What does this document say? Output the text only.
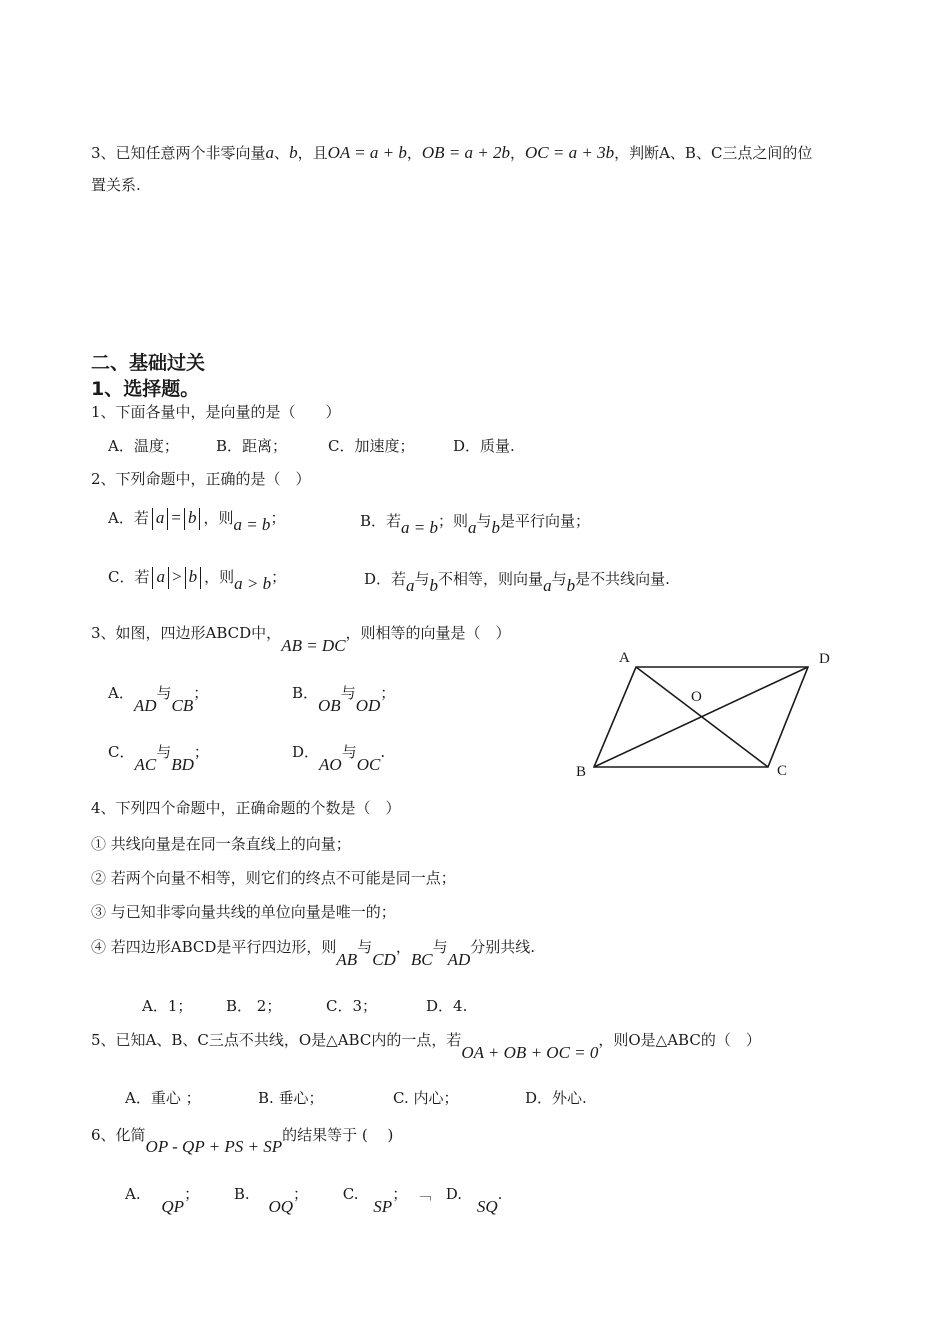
3、已知任意两个非零向量a、b，且OA = a + b，OB = a + 2b，OC = a + 3b，判断A、B、C三点之间的位
置关系.
二、基础过关
1、选择题。
1、下面各量中，是向量的是（　　）
A．温度； B．距离；	C．加速度；	D．质量.
2、下列命题中，正确的是（　）
A．若 a = b ，则a = b；	B．若a = b；则a与b是平行向量；
C．若 a > b ，则a > b；	D．若a与b不相等，则向量a与b是不共线向量.
3、如图，四边形ABCD中，AB = DC，则相等的向量是（　）
A．AD与CB；	B．OB与OD；
C．AC与BD；	D．AO与OC.
A	D
B	C
O
4、下列四个命题中，正确命题的个数是（　）
① 共线向量是在同一条直线上的向量；
② 若两个向量不相等，则它们的终点不可能是同一点；
③ 与已知非零向量共线的单位向量是唯一的；
④ 若四边形ABCD是平行四边形，则AB与CD，BC与AD分别共线.
A．1； B． 2；	C．3；	D．4.
5、已知A、B、C三点不共线，O是△ABC内的一点，若OA + OB + OC = 0，则O是△ABC的（　）
A．重心 ；	B. 垂心；	C. 内心；	D．外心.
6、化简OP - QP + PS + SP的结果等于 (　 )
A. QP； B. OQ； C. SP； ﹁ D. SQ.
